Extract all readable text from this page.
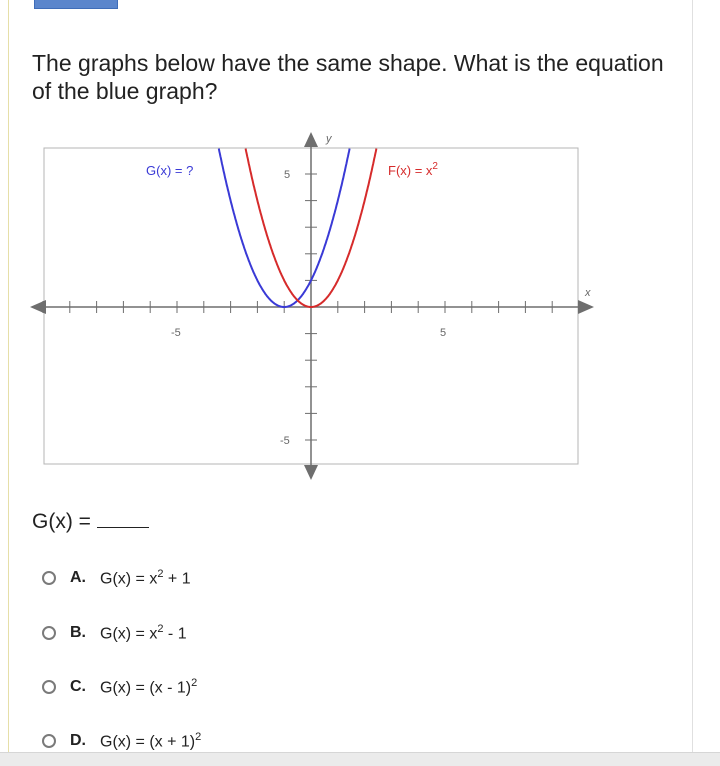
The graphs below have the same shape. What is the equation of the blue graph?
x
y
-5	5
5
-5
G(x) = ?	$F(x) = x^2$
G(x) =
A. $G(x) = x^2 + 1$
B. $G(x) = x^2 - 1$
C. G(x) = (x - 1)$^2$
D. $G(x) = (x + 1)^2$
